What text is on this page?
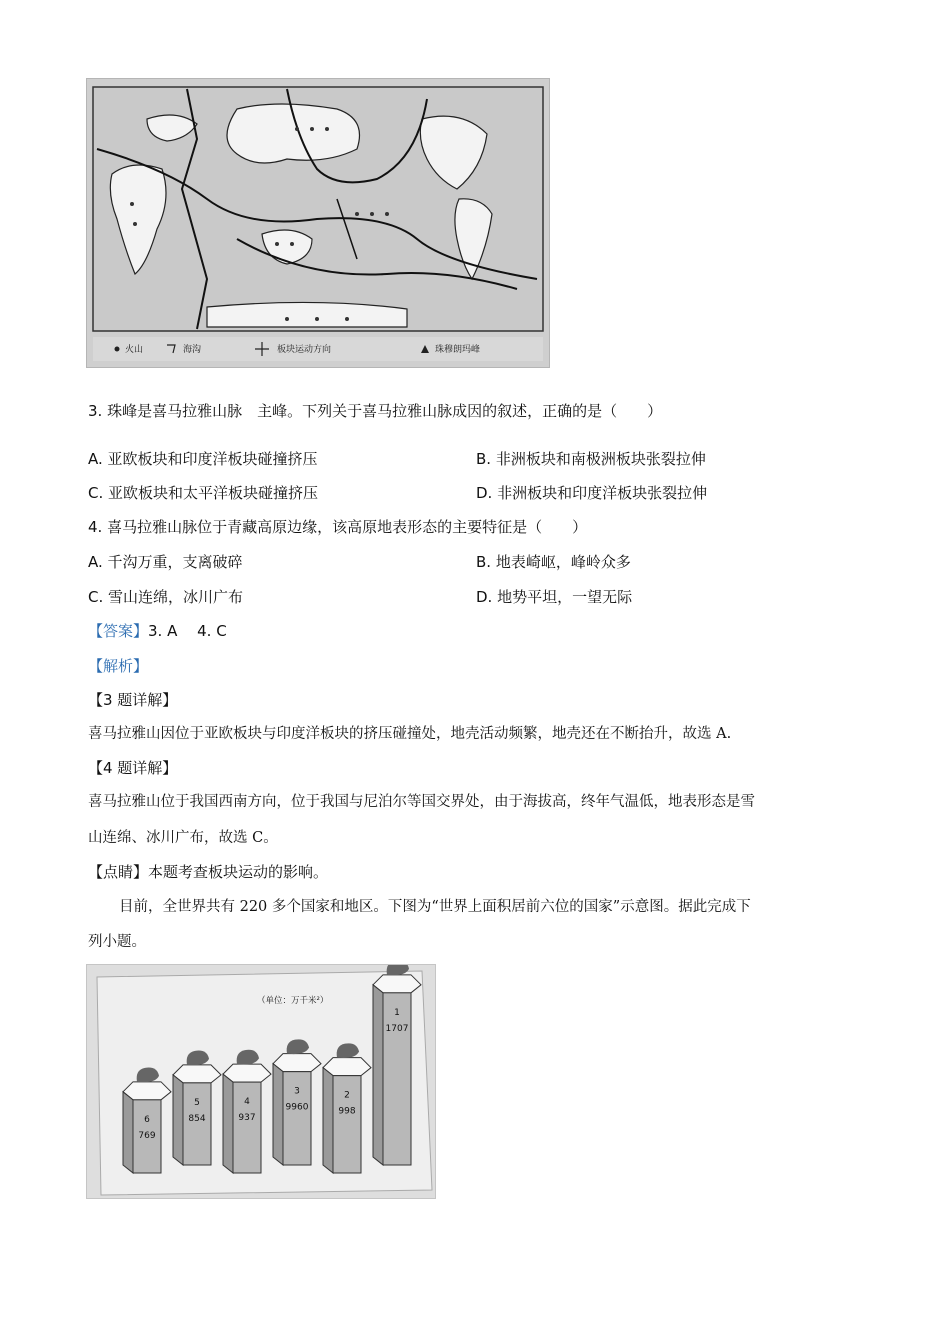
火山	海沟	板块运动方向	珠穆朗玛峰
3. 珠峰是喜马拉雅山脉　主峰。下列关于喜马拉雅山脉成因的叙述，正确的是（　　）
A. 亚欧板块和印度洋板块碰撞挤压	B. 非洲板块和南极洲板块张裂拉伸
C. 亚欧板块和太平洋板块碰撞挤压	D. 非洲板块和印度洋板块张裂拉伸
4. 喜马拉雅山脉位于青藏高原边缘，该高原地表形态的主要特征是（　　）
A. 千沟万重，支离破碎	B. 地表崎岖，峰岭众多
C. 雪山连绵，冰川广布	D. 地势平坦，一望无际
【答案】3. A　 4. C
【解析】
【3 题详解】
喜马拉雅山因位于亚欧板块与印度洋板块的挤压碰撞处，地壳活动频繁，地壳还在不断抬升，故选 A.
【4 题详解】
喜马拉雅山位于我国西南方向，位于我国与尼泊尔等国交界处，由于海拔高，终年气温低，地表形态是雪
山连绵、冰川广布，故选 C。
【点睛】本题考查板块运动的影响。
目前，全世界共有 220 多个国家和地区。下图为“世界上面积居前六位的国家”示意图。据此完成下
列小题。
（单位：万千米²）
6
769
5
854
4
937
3
9960
2
998
1
1707
